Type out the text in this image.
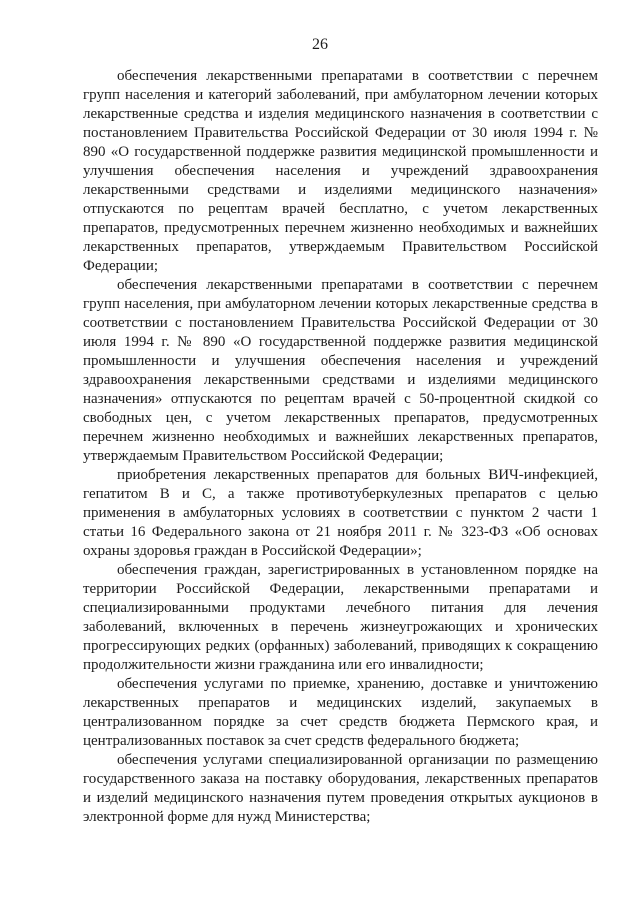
26

обеспечения лекарственными препаратами в соответствии с перечнем групп населения и категорий заболеваний, при амбулаторном лечении которых лекарственные средства и изделия медицинского назначения в соответствии с постановлением Правительства Российской Федерации от 30 июля 1994 г. № 890 «О государственной поддержке развития медицинской промышленности и улучшения обеспечения населения и учреждений здравоохранения лекарственными средствами и изделиями медицинского назначения» отпускаются по рецептам врачей бесплатно, с учетом лекарственных препаратов, предусмотренных перечнем жизненно необходимых и важнейших лекарственных препаратов, утверждаемым Правительством Российской Федерации;

обеспечения лекарственными препаратами в соответствии с перечнем групп населения, при амбулаторном лечении которых лекарственные средства в соответствии с постановлением Правительства Российской Федерации от 30 июля 1994 г. № 890 «О государственной поддержке развития медицинской промышленности и улучшения обеспечения населения и учреждений здравоохранения лекарственными средствами и изделиями медицинского назначения» отпускаются по рецептам врачей с 50-процентной скидкой со свободных цен, с учетом лекарственных препаратов, предусмотренных перечнем жизненно необходимых и важнейших лекарственных препаратов, утверждаемым Правительством Российской Федерации;

приобретения лекарственных препаратов для больных ВИЧ-инфекцией, гепатитом В и С, а также противотуберкулезных препаратов с целью применения в амбулаторных условиях в соответствии с пунктом 2 части 1 статьи 16 Федерального закона от 21 ноября 2011 г. № 323-ФЗ «Об основах охраны здоровья граждан в Российской Федерации»;

обеспечения граждан, зарегистрированных в установленном порядке на территории Российской Федерации, лекарственными препаратами и специализированными продуктами лечебного питания для лечения заболеваний, включенных в перечень жизнеугрожающих и хронических прогрессирующих редких (орфанных) заболеваний, приводящих к сокращению продолжительности жизни гражданина или его инвалидности;

обеспечения услугами по приемке, хранению, доставке и уничтожению лекарственных препаратов и медицинских изделий, закупаемых в централизованном порядке за счет средств бюджета Пермского края, и централизованных поставок за счет средств федерального бюджета;

обеспечения услугами специализированной организации по размещению государственного заказа на поставку оборудования, лекарственных препаратов и изделий медицинского назначения путем проведения открытых аукционов в электронной форме для нужд Министерства;
